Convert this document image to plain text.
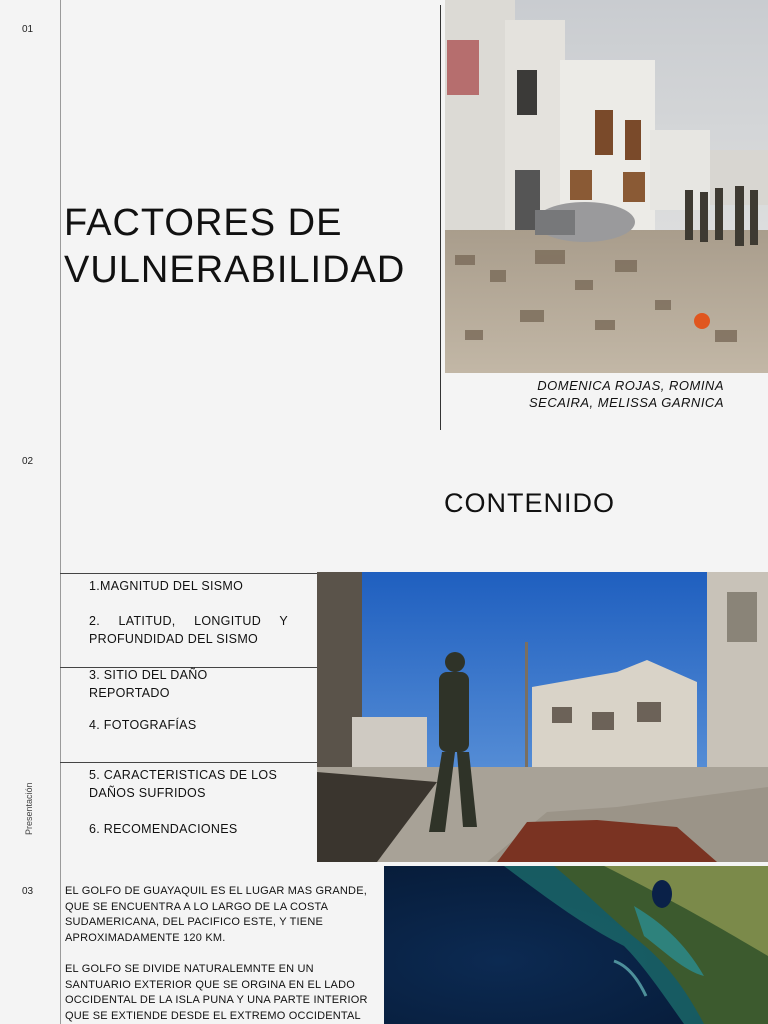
01
FACTORES DE
VULNERABILIDAD
DOMENICA ROJAS, ROMINA
SECAIRA, MELISSA GARNICA
02
CONTENIDO
1.MAGNITUD DEL SISMO
2. LATITUD, LONGITUD Y
PROFUNDIDAD DEL SISMO
3. SITIO DEL DAÑO
REPORTADO
4. FOTOGRAFÍAS
5. CARACTERISTICAS DE LOS
DAÑOS SUFRIDOS
6. RECOMENDACIONES
Presentación
03	EL GOLFO DE GUAYAQUIL ES EL LUGAR MAS GRANDE,
QUE SE ENCUENTRA A LO LARGO DE LA COSTA
SUDAMERICANA, DEL PACIFICO ESTE, Y TIENE
APROXIMADAMENTE 120 KM.
EL GOLFO SE DIVIDE NATURALEMNTE EN UN
SANTUARIO EXTERIOR QUE SE ORGINA EN EL LADO
OCCIDENTAL DE LA ISLA PUNA Y UNA PARTE INTERIOR
QUE SE EXTIENDE DESDE EL EXTREMO OCCIDENTAL
